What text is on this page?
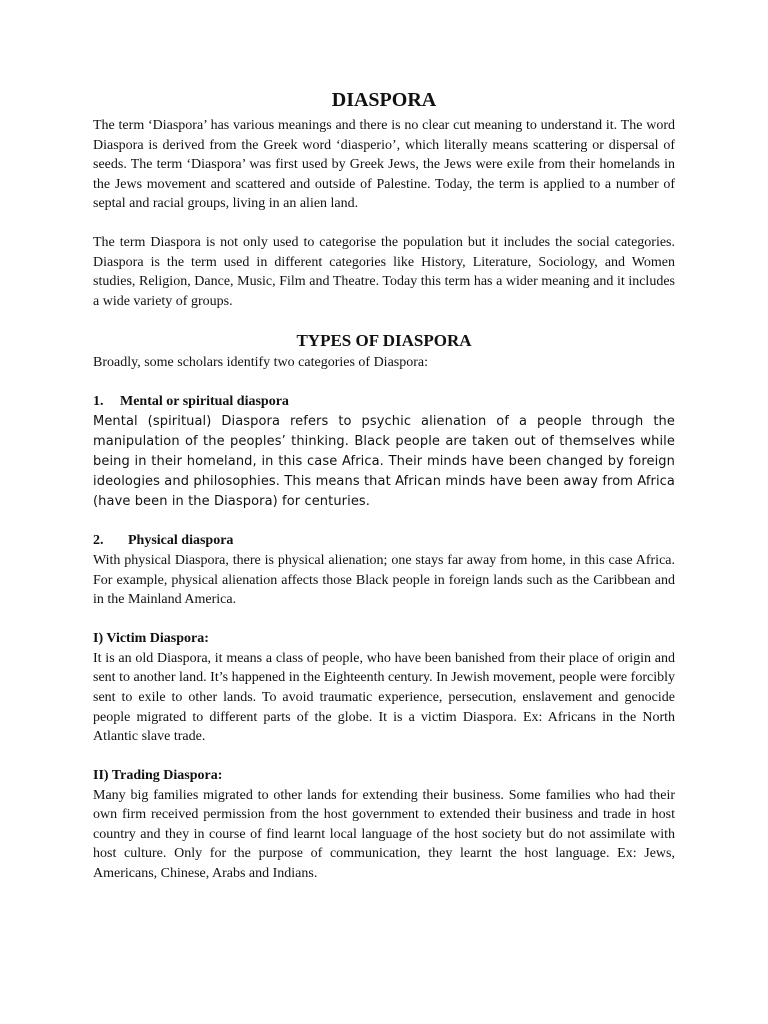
DIASPORA

The term ‘Diaspora’ has various meanings and there is no clear cut meaning to understand it. The word Diaspora is derived from the Greek word ‘diasperio’, which literally means scattering or dispersal of seeds. The term ‘Diaspora’ was first used by Greek Jews, the Jews were exile from their homelands in the Jews movement and scattered and outside of Palestine. Today, the term is applied to a number of septal and racial groups, living in an alien land.

The term Diaspora is not only used to categorise the population but it includes the social categories. Diaspora is the term used in different categories like History, Literature, Sociology, and Women studies, Religion, Dance, Music, Film and Theatre. Today this term has a wider meaning and it includes a wide variety of groups.

TYPES OF DIASPORA

Broadly, some scholars identify two categories of Diaspora:

1. Mental or spiritual diaspora

Mental (spiritual) Diaspora refers to psychic alienation of a people through the manipulation of the peoples’ thinking. Black people are taken out of themselves while being in their homeland, in this case Africa. Their minds have been changed by foreign ideologies and philosophies. This means that African minds have been away from Africa (have been in the Diaspora) for centuries.

2. Physical diaspora

With physical Diaspora, there is physical alienation; one stays far away from home, in this case Africa. For example, physical alienation affects those Black people in foreign lands such as the Caribbean and in the Mainland America.

I) Victim Diaspora:

It is an old Diaspora, it means a class of people, who have been banished from their place of origin and sent to another land. It’s happened in the Eighteenth century. In Jewish movement, people were forcibly sent to exile to other lands. To avoid traumatic experience, persecution, enslavement and genocide people migrated to different parts of the globe. It is a victim Diaspora. Ex: Africans in the North Atlantic slave trade.

II) Trading Diaspora:

Many big families migrated to other lands for extending their business. Some families who had their own firm received permission from the host government to extended their business and trade in host country and they in course of find learnt local language of the host society but do not assimilate with host culture. Only for the purpose of communication, they learnt the host language. Ex: Jews, Americans, Chinese, Arabs and Indians.
